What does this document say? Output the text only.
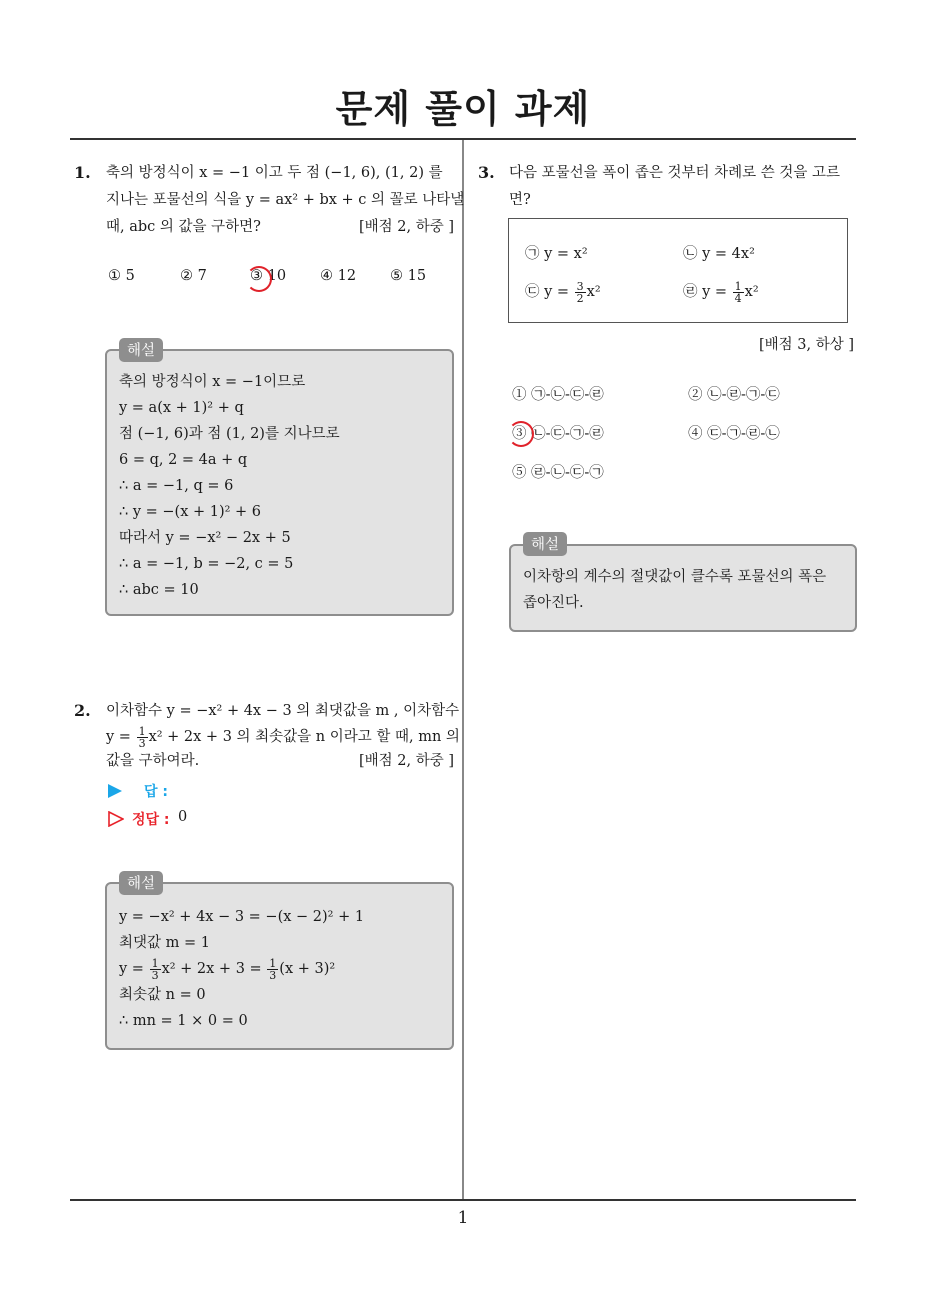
문제 풀이 과제
1. 축의 방정식이 x = −1 이고 두 점 (−1, 6), (1, 2) 를
지나는 포물선의 식을 y = ax² + bx + c 의 꼴로 나타낼
때, abc 의 값을 구하면?	[배점 2, 하중 ]
① 5	② 7	③ 10 ④ 12 ⑤ 15
축의 방정식이 x = −1이므로
y = a(x + 1)² + q
점 (−1, 6)과 점 (1, 2)를 지나므로
6 = q, 2 = 4a + q
∴ a = −1, q = 6
∴ y = −(x + 1)² + 6
따라서 y = −x² − 2x + 5
∴ a = −1, b = −2, c = 5
∴ abc = 10
해설
2. 이차함수 y = −x² + 4x − 3 의 최댓값을 m , 이차함수
$y = \frac{1}{3} x^2 + 2x + 3$ 의 최솟값을 n 이라고 할 때, mn 의
값을 구하여라.	[배점 2, 하중 ]
답 :
정답 : 0
y = −x² + 4x − 3 = −(x − 2)² + 1
최댓값 m = 1
$y = \frac{1}{3} x^2 + 2x + 3 = \frac{1}{3} (x + 3)^2$
최솟값 n = 0
∴ mn = 1 × 0 = 0
해설
3. 다음 포물선을 폭이 좁은 것부터 차례로 쓴 것을 고르
면?
㉠ y = x²	㉡ y = 4x²
㉢ $y = \frac{3}{2} x^2$	㉣ $y = \frac{1}{4} x^2$
[배점 3, 하상 ]
① ㉠-㉡-㉢-㉣	② ㉡-㉣-㉠-㉢
③ ㉡-㉢-㉠-㉣	④ ㉢-㉠-㉣-㉡
⑤ ㉣-㉡-㉢-㉠
이차항의 계수의 절댓값이 클수록 포물선의 폭은
좁아진다.
해설
1
